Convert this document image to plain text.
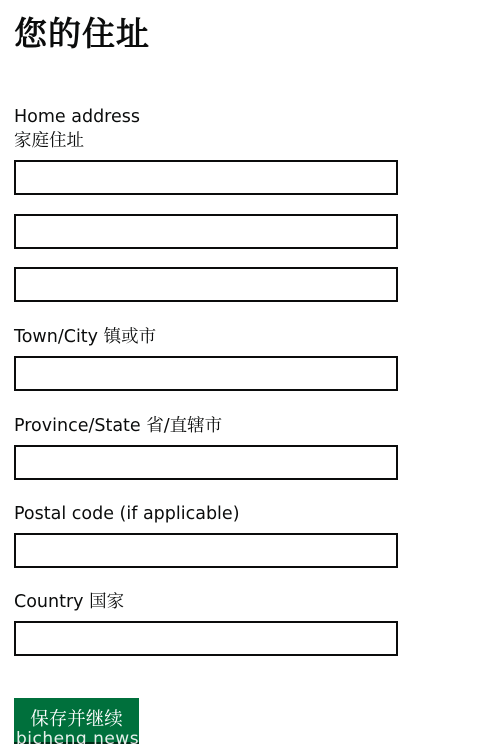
您的住址
Home address
家庭住址
Town/City 镇或市
Province/State 省/直辖市
Postal code (if applicable)
Country 国家
保存并继续
bicheng news
